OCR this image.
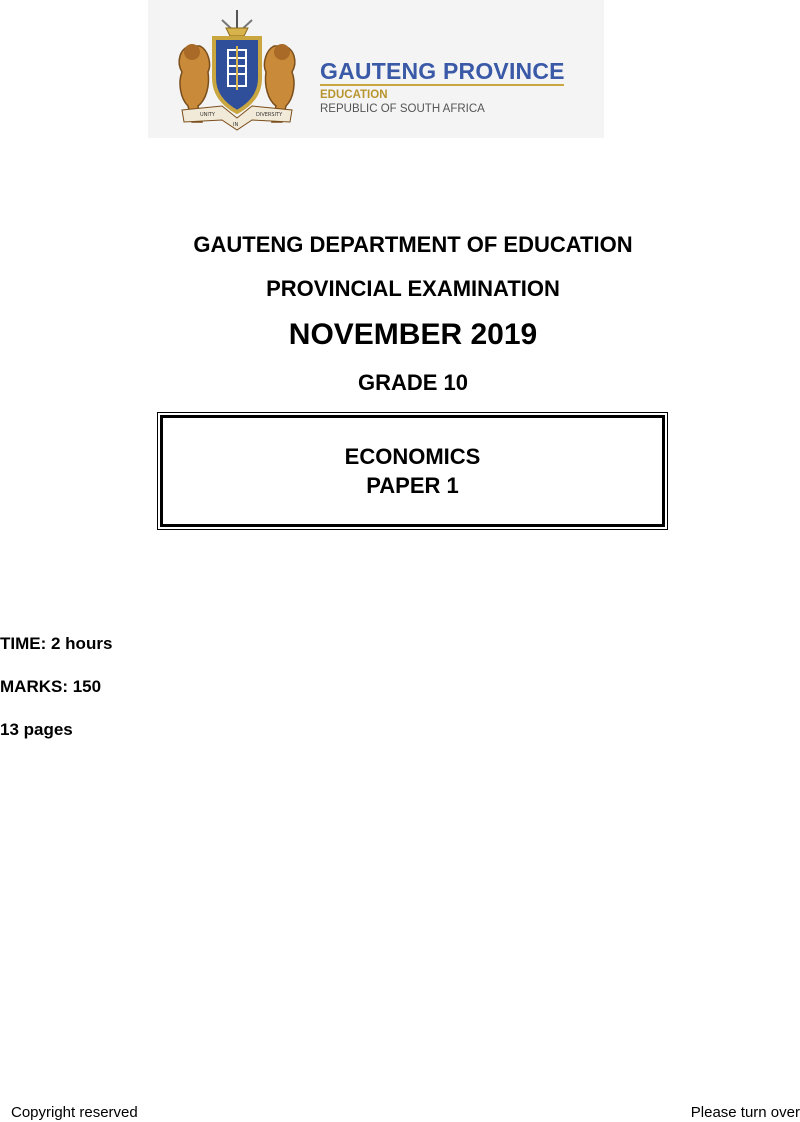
UNITY
IN
DIVERSITY
GAUTENG PROVINCE
EDUCATION
REPUBLIC OF SOUTH AFRICA
GAUTENG DEPARTMENT OF EDUCATION
PROVINCIAL EXAMINATION
NOVEMBER 2019
GRADE 10
ECONOMICS
PAPER 1
TIME: 2 hours
MARKS: 150
13 pages
Copyright reserved	Please turn over
